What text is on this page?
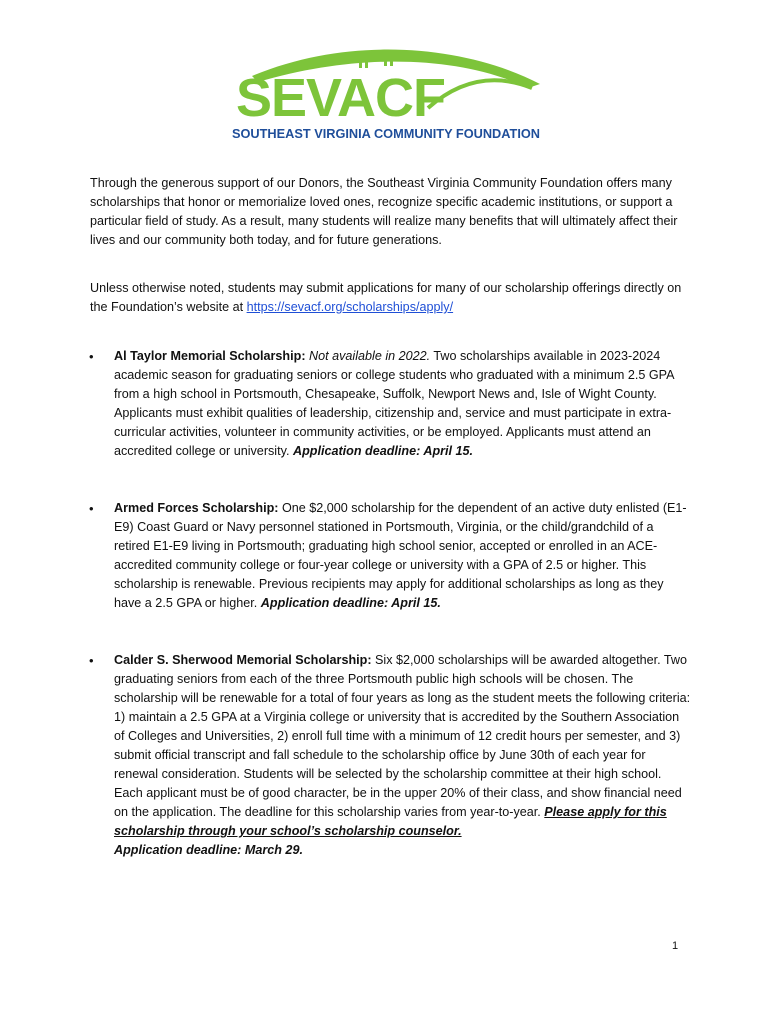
SEVACF
SOUTHEAST VIRGINIA COMMUNITY FOUNDATION

Through the generous support of our Donors, the Southeast Virginia Community Foundation offers many scholarships that honor or memorialize loved ones, recognize specific academic institutions, or support a particular field of study. As a result, many students will realize many benefits that will ultimately affect their lives and our community both today, and for future generations.

Unless otherwise noted, students may submit applications for many of our scholarship offerings directly on the Foundation’s website at https://sevacf.org/scholarships/apply/

• Al Taylor Memorial Scholarship: Not available in 2022. Two scholarships available in 2023-2024 academic season for graduating seniors or college students who graduated with a minimum 2.5 GPA from a high school in Portsmouth, Chesapeake, Suffolk, Newport News and, Isle of Wight County. Applicants must exhibit qualities of leadership, citizenship and, service and must participate in extra-curricular activities, volunteer in community activities, or be employed. Applicants must attend an accredited college or university. Application deadline: April 15.

• Armed Forces Scholarship: One $2,000 scholarship for the dependent of an active duty enlisted (E1-E9) Coast Guard or Navy personnel stationed in Portsmouth, Virginia, or the child/grandchild of a retired E1-E9 living in Portsmouth; graduating high school senior, accepted or enrolled in an ACE-accredited community college or four-year college or university with a GPA of 2.5 or higher. This scholarship is renewable. Previous recipients may apply for additional scholarships as long as they have a 2.5 GPA or higher. Application deadline: April 15.

• Calder S. Sherwood Memorial Scholarship: Six $2,000 scholarships will be awarded altogether. Two graduating seniors from each of the three Portsmouth public high schools will be chosen. The scholarship will be renewable for a total of four years as long as the student meets the following criteria: 1) maintain a 2.5 GPA at a Virginia college or university that is accredited by the Southern Association of Colleges and Universities, 2) enroll full time with a minimum of 12 credit hours per semester, and 3) submit official transcript and fall schedule to the scholarship office by June 30th of each year for renewal consideration. Students will be selected by the scholarship committee at their high school. Each applicant must be of good character, be in the upper 20% of their class, and show financial need on the application. The deadline for this scholarship varies from year-to-year. Please apply for this scholarship through your school’s scholarship counselor.
Application deadline: March 29.

1
